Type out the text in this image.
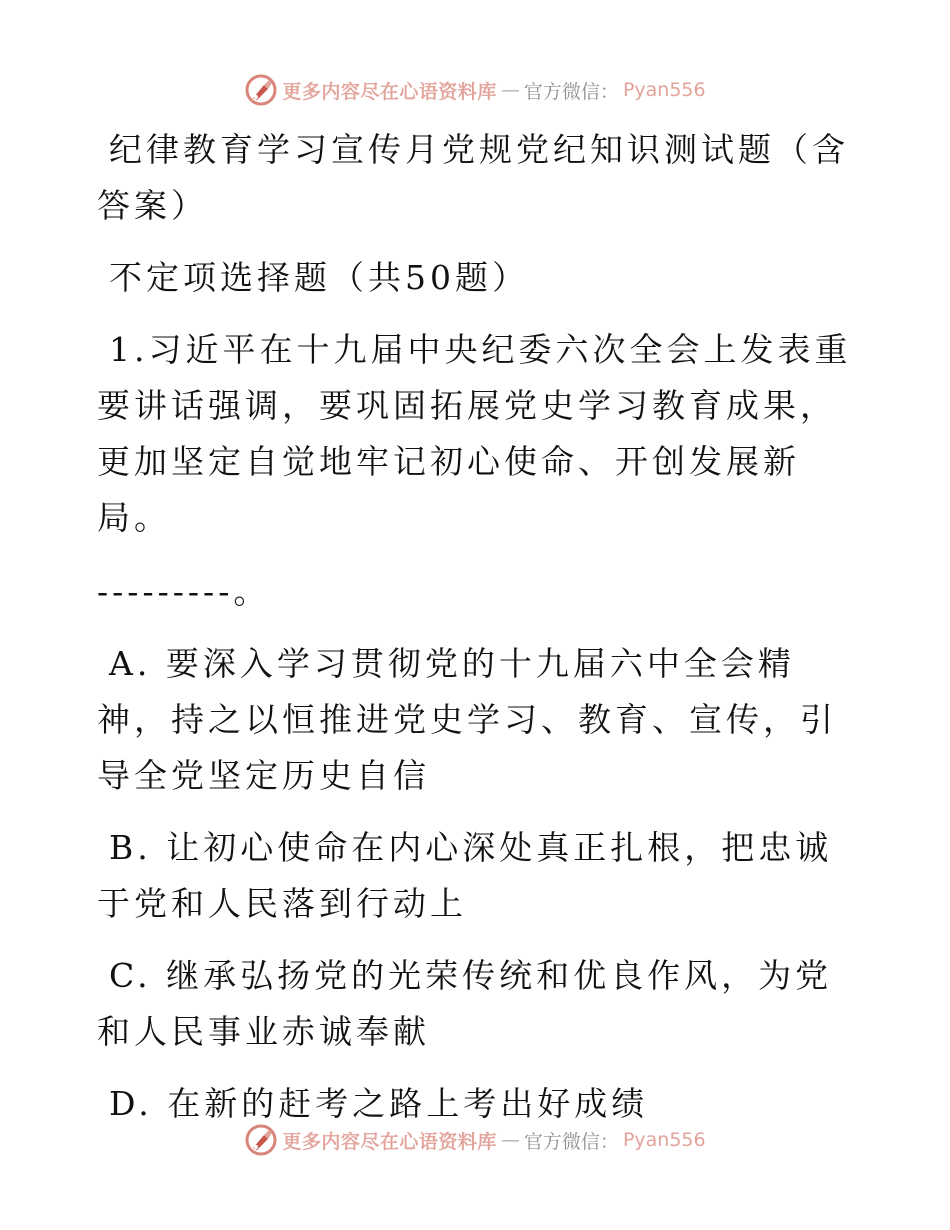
更多内容尽在心语资料库 — 官方微信： Pyan556
纪律教育学习宣传月党规党纪知识测试题（含答案）
不定项选择题（共50题）
1.习近平在十九届中央纪委六次全会上发表重要讲话强调，要巩固拓展党史学习教育成果，更加坚定自觉地牢记初心使命、开创发展新局。
---------。
A. 要深入学习贯彻党的十九届六中全会精神，持之以恒推进党史学习、教育、宣传，引导全党坚定历史自信
B. 让初心使命在内心深处真正扎根，把忠诚于党和人民落到行动上
C. 继承弘扬党的光荣传统和优良作风，为党和人民事业赤诚奉献
D. 在新的赶考之路上考出好成绩
更多内容尽在心语资料库 — 官方微信： Pyan556
